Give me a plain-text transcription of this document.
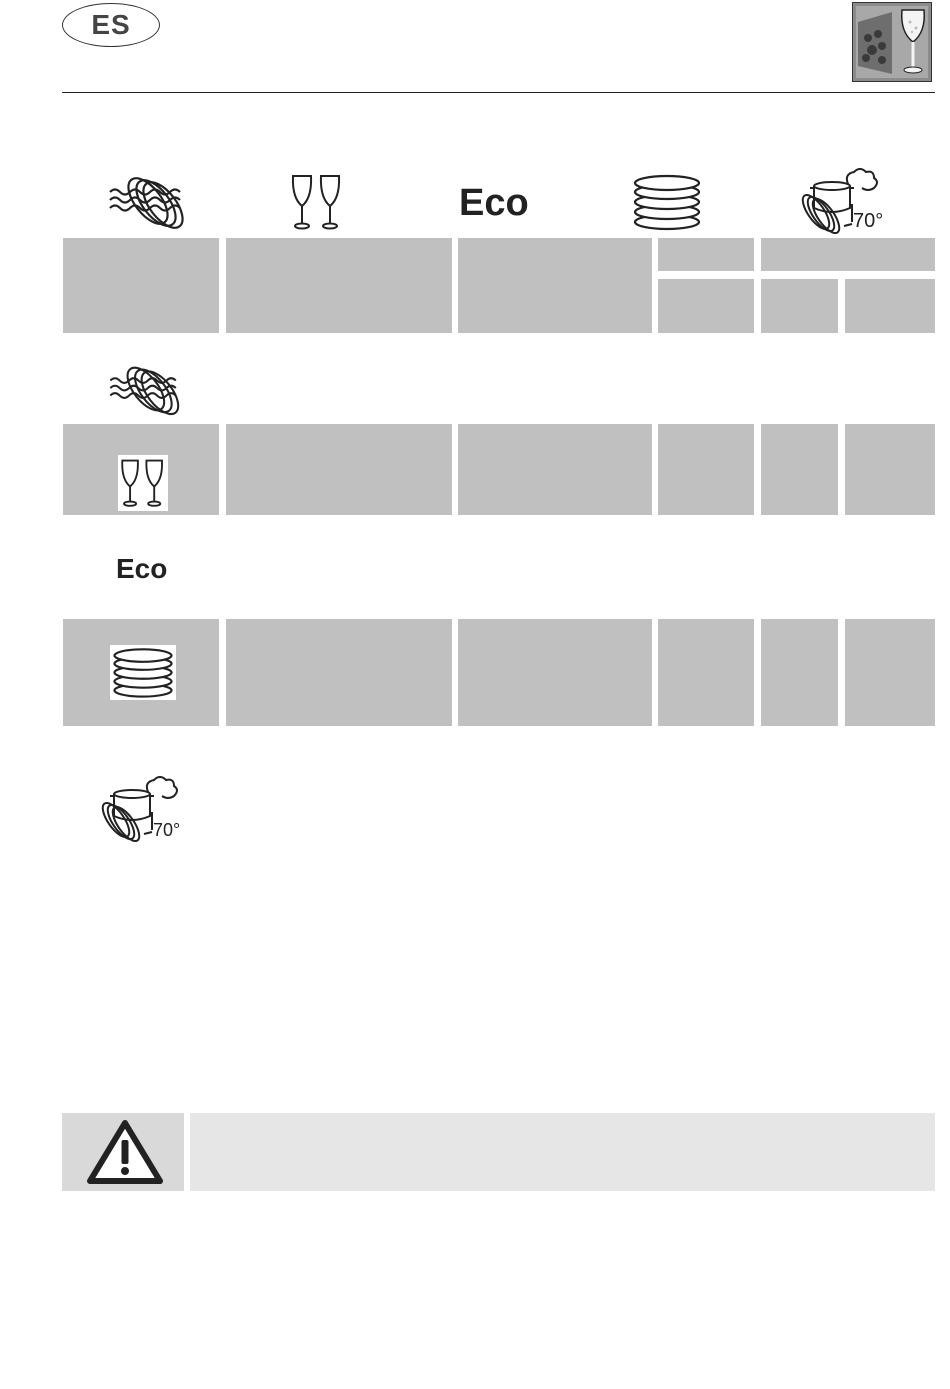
ES
Eco	70°
Eco
70°
